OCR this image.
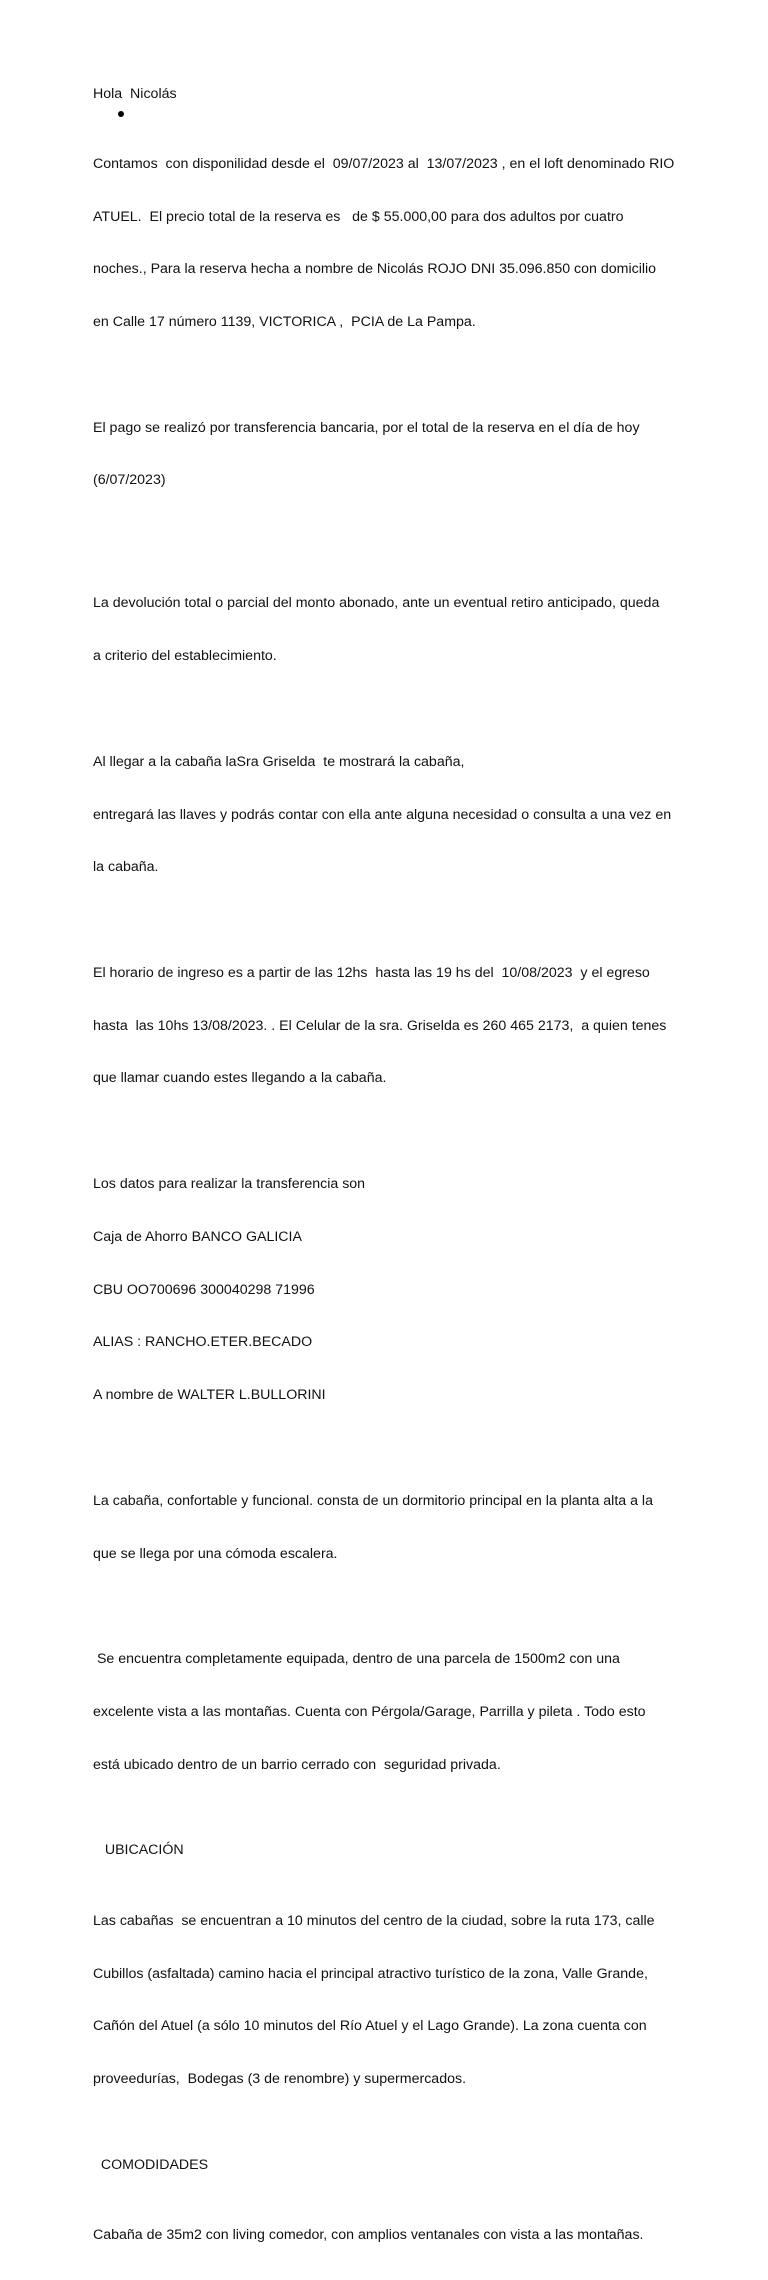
Hola  Nicolás

Contamos  con disponilidad desde el  09/07/2023 al  13/07/2023 , en el loft denominado RIO

ATUEL.  El precio total de la reserva es   de $ 55.000,00 para dos adultos por cuatro

noches., Para la reserva hecha a nombre de Nicolás ROJO DNI 35.096.850 con domicilio

en Calle 17 número 1139, VICTORICA ,  PCIA de La Pampa.

El pago se realizó por transferencia bancaria, por el total de la reserva en el día de hoy

(6/07/2023)

La devolución total o parcial del monto abonado, ante un eventual retiro anticipado, queda

a criterio del establecimiento.

Al llegar a la cabaña laSra Griselda  te mostrará la cabaña,

entregará las llaves y podrás contar con ella ante alguna necesidad o consulta a una vez en

la cabaña.

El horario de ingreso es a partir de las 12hs  hasta las 19 hs del  10/08/2023  y el egreso

hasta  las 10hs 13/08/2023. . El Celular de la sra. Griselda es 260 465 2173,  a quien tenes

que llamar cuando estes llegando a la cabaña.

Los datos para realizar la transferencia son

Caja de Ahorro BANCO GALICIA

CBU OO700696 300040298 71996

ALIAS : RANCHO.ETER.BECADO

A nombre de WALTER L.BULLORINI

La cabaña, confortable y funcional. consta de un dormitorio principal en la planta alta a la

que se llega por una cómoda escalera.

Se encuentra completamente equipada, dentro de una parcela de 1500m2 con una

excelente vista a las montañas. Cuenta con Pérgola/Garage, Parrilla y pileta . Todo esto

está ubicado dentro de un barrio cerrado con  seguridad privada.

UBICACIÓN

Las cabañas  se encuentran a 10 minutos del centro de la ciudad, sobre la ruta 173, calle

Cubillos (asfaltada) camino hacia el principal atractivo turístico de la zona, Valle Grande,

Cañón del Atuel (a sólo 10 minutos del Río Atuel y el Lago Grande). La zona cuenta con

proveedurías,  Bodegas (3 de renombre) y supermercados.

COMODIDADES

Cabaña de 35m2 con living comedor, con amplios ventanales con vista a las montañas.
